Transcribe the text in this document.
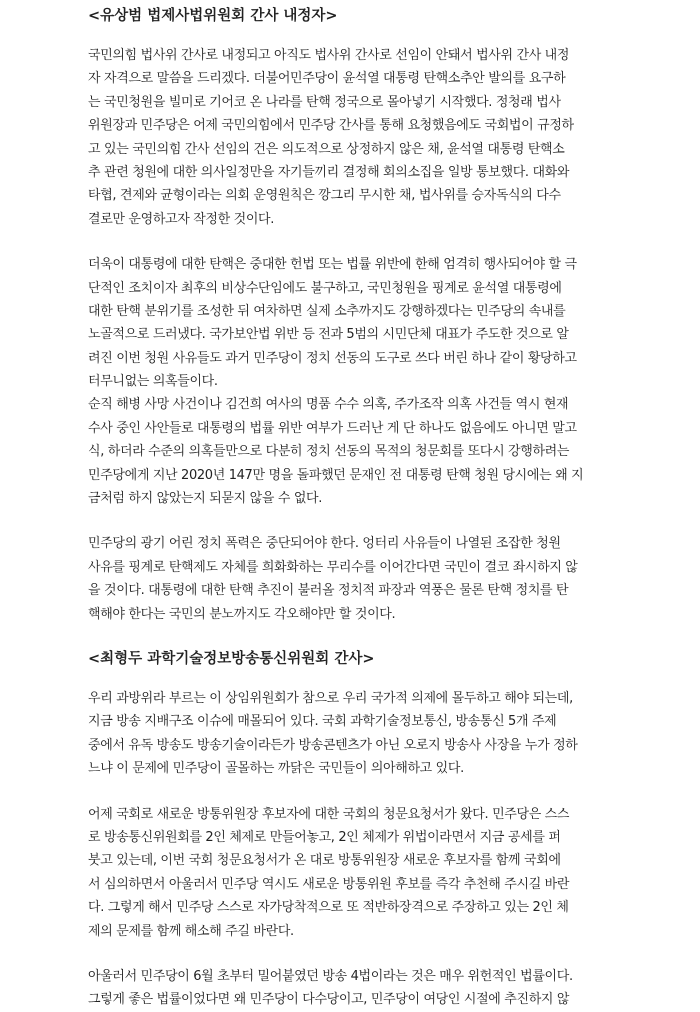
<유상범 법제사법위원회 간사 내정자>
국민의힘 법사위 간사로 내정되고 아직도 법사위 간사로 선임이 안돼서 법사위 간사 내정
자 자격으로 말씀을 드리겠다. 더불어민주당이 윤석열 대통령 탄핵소추안 발의를 요구하
는 국민청원을 빌미로 기어코 온 나라를 탄핵 정국으로 몰아넣기 시작했다. 정청래 법사
위원장과 민주당은 어제 국민의힘에서 민주당 간사를 통해 요청했음에도 국회법이 규정하
고 있는 국민의힘 간사 선임의 건은 의도적으로 상정하지 않은 채, 윤석열 대통령 탄핵소
추 관련 청원에 대한 의사일정만을 자기들끼리 결정해 회의소집을 일방 통보했다. 대화와
타협, 견제와 균형이라는 의회 운영원칙은 깡그리 무시한 채, 법사위를 승자독식의 다수
결로만 운영하고자 작정한 것이다.
더욱이 대통령에 대한 탄핵은 중대한 헌법 또는 법률 위반에 한해 엄격히 행사되어야 할 극
단적인 조치이자 최후의 비상수단임에도 불구하고, 국민청원을 핑계로 윤석열 대통령에
대한 탄핵 분위기를 조성한 뒤 여차하면 실제 소추까지도 강행하겠다는 민주당의 속내를
노골적으로 드러냈다. 국가보안법 위반 등 전과 5범의 시민단체 대표가 주도한 것으로 알
려진 이번 청원 사유들도 과거 민주당이 정치 선동의 도구로 쓰다 버린 하나 같이 황당하고
터무니없는 의혹들이다.
순직 해병 사망 사건이나 김건희 여사의 명품 수수 의혹, 주가조작 의혹 사건들 역시 현재
수사 중인 사안들로 대통령의 법률 위반 여부가 드러난 게 단 하나도 없음에도 아니면 말고
식, 하더라 수준의 의혹들만으로 다분히 정치 선동의 목적의 청문회를 또다시 강행하려는
민주당에게 지난 2020년 147만 명을 돌파했던 문재인 전 대통령 탄핵 청원 당시에는 왜 지
금처럼 하지 않았는지 되묻지 않을 수 없다.
민주당의 광기 어린 정치 폭력은 중단되어야 한다. 엉터리 사유들이 나열된 조잡한 청원
사유를 핑계로 탄핵제도 자체를 희화화하는 무리수를 이어간다면 국민이 결코 좌시하지 않
을 것이다. 대통령에 대한 탄핵 추진이 불러올 정치적 파장과 역풍은 물론 탄핵 정치를 탄
핵해야 한다는 국민의 분노까지도 각오해야만 할 것이다.
<최형두 과학기술정보방송통신위원회 간사>
우리 과방위라 부르는 이 상임위원회가 참으로 우리 국가적 의제에 몰두하고 해야 되는데,
지금 방송 지배구조 이슈에 매몰되어 있다. 국회 과학기술정보통신, 방송통신 5개 주제
중에서 유독 방송도 방송기술이라든가 방송콘텐츠가 아닌 오로지 방송사 사장을 누가 정하
느냐 이 문제에 민주당이 골몰하는 까닭은 국민들이 의아해하고 있다.
어제 국회로 새로운 방통위원장 후보자에 대한 국회의 청문요청서가 왔다. 민주당은 스스
로 방송통신위원회를 2인 체제로 만들어놓고, 2인 체제가 위법이라면서 지금 공세를 퍼
붓고 있는데, 이번 국회 청문요청서가 온 대로 방통위원장 새로운 후보자를 함께 국회에
서 심의하면서 아울러서 민주당 역시도 새로운 방통위원 후보를 즉각 추천해 주시길 바란
다. 그렇게 해서 민주당 스스로 자가당착적으로 또 적반하장격으로 주장하고 있는 2인 체
제의 문제를 함께 해소해 주길 바란다.
아울러서 민주당이 6월 초부터 밀어붙였던 방송 4법이라는 것은 매우 위헌적인 법률이다.
그렇게 좋은 법률이었다면 왜 민주당이 다수당이고, 민주당이 여당인 시절에 추진하지 않
